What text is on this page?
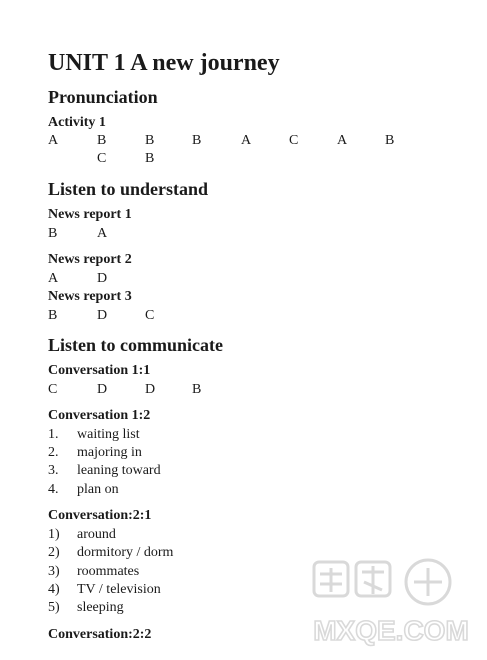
UNIT 1 A new journey
Pronunciation
Activity 1
A	B	B	B	A	C	A	B
C	B
Listen to understand
News report 1
B	A
News report 2
A	D
News report 3
B	D	C
Listen to communicate
Conversation 1:1
C	D	D	B
Conversation 1:2
1. waiting list
2. majoring in
3. leaning toward
4. plan on
Conversation:2:1
1) around
2) dormitory / dorm
3) roommates
4) TV / television
5) sleeping
Conversation:2:2	MXQE.COM
